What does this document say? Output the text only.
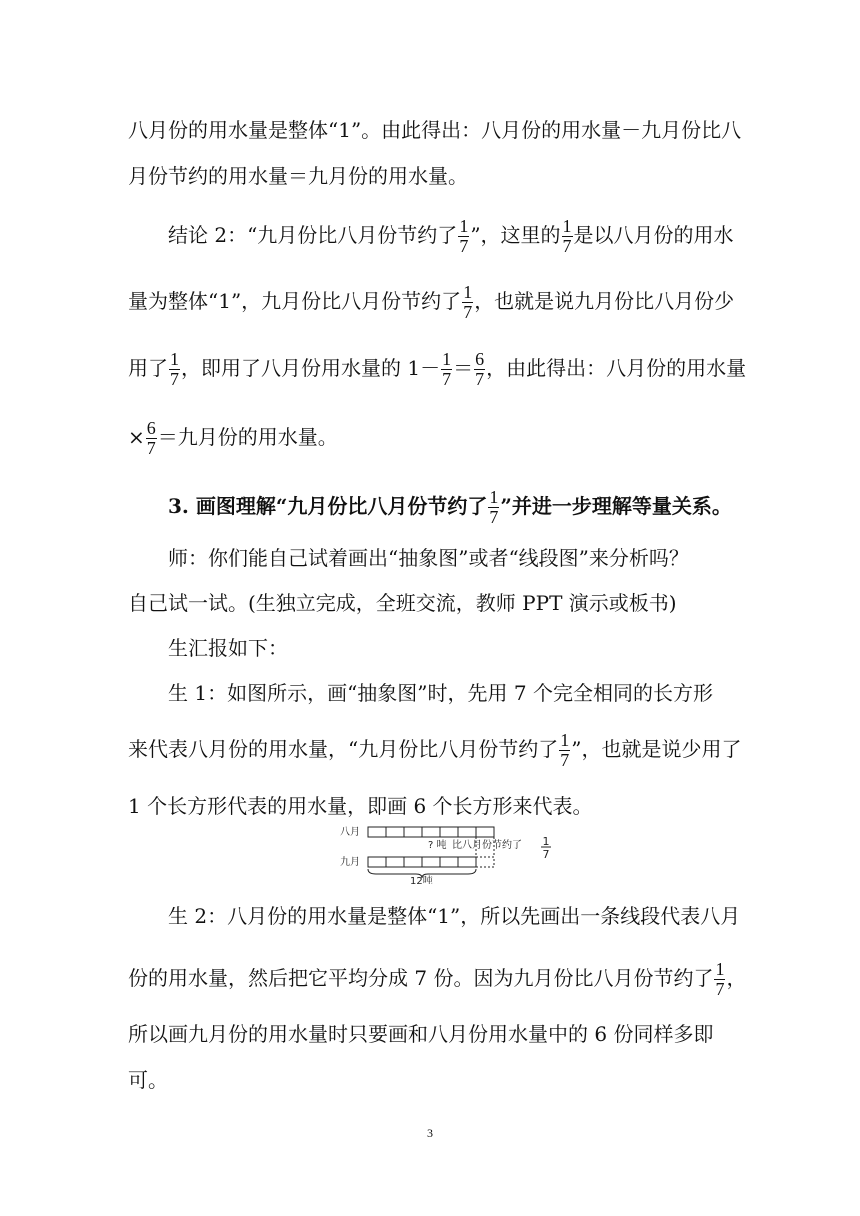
八月份的用水量是整体“1”。由此得出：八月份的用水量－九月份比八
月份节约的用水量＝九月份的用水量。
结论 2：“九月份比八月份节约了 $\frac{1}{7}$ ”，这里的 $\frac{1}{7}$ 是以八月份的用水
量为整体“1”，九月份比八月份节约了 $\frac{1}{7}$ ，也就是说九月份比八月份少
用了 $\frac{1}{7}$ ，即用了八月份用水量的 $1- \frac{1}{7} = \frac{6}{7}$ ，由此得出：八月份的用水量
× $\frac{6}{7}$ ＝九月份的用水量。
3. 画图理解“九月份比八月份节约了 $\frac{1}{7}$ ”并进一步理解等量关系。
师：你们能自己试着画出“抽象图”或者“线段图”来分析吗？
自己试一试。(生独立完成，全班交流，教师 PPT 演示或板书)
生汇报如下：
生 1：如图所示，画“抽象图”时，先用 7 个完全相同的长方形
来代表八月份的用水量，“九月份比八月份节约了 $\frac{1}{7}$ ”，也就是说少用了
1 个长方形代表的用水量，即画 6 个长方形来代表。
八月
? 吨 比八月份节约了 1
7
九月
12吨
生 2：八月份的用水量是整体“1”，所以先画出一条线段代表八月
份的用水量，然后把它平均分成 7 份。因为九月份比八月份节约了 $\frac{1}{7}$ ，
所以画九月份的用水量时只要画和八月份用水量中的 6 份同样多即
可。
3
